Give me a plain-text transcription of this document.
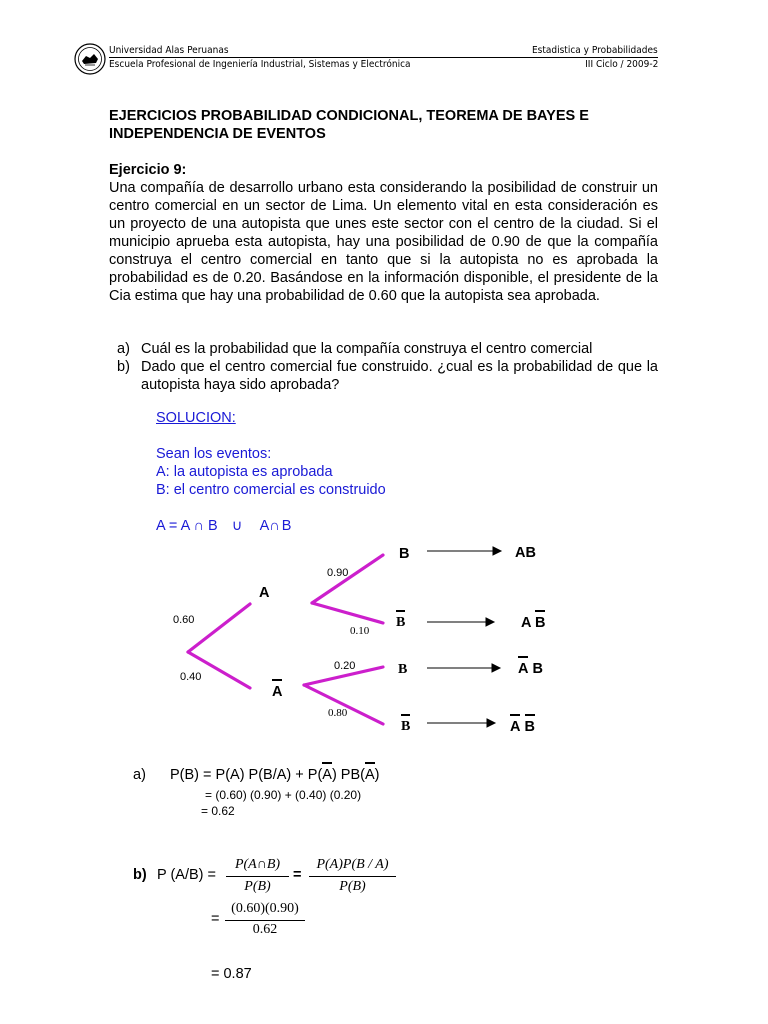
Universidad Alas Peruanas
Escuela Profesional de Ingeniería Industrial, Sistemas y Electrónica
Estadistica y Probabilidades
III Ciclo / 2009-2
EJERCICIOS PROBABILIDAD CONDICIONAL, TEOREMA DE BAYES E
INDEPENDENCIA DE EVENTOS
Ejercicio 9:
Una compañía de desarrollo urbano esta considerando la posibilidad de construir un centro comercial en un sector de Lima. Un elemento vital en esta consideración es un proyecto de una autopista que unes este sector con el centro de la ciudad. Si el municipio aprueba esta autopista, hay una posibilidad de 0.90 de que la compañía construya el centro comercial en tanto que si la autopista no es aprobada la probabilidad es de 0.20. Basándose en la información disponible, el presidente de la Cia estima que hay una probabilidad de 0.60 que la autopista sea aprobada.
a) Cuál es la probabilidad que la compañía construya el centro comercial
b) Dado que el centro comercial fue construido. ¿cual es la probabilidad de que la autopista haya sido aprobada?
SOLUCION:
Sean los eventos:
A: la autopista es aprobada
B: el centro comercial es construido
A = A ∩ B ∪ A∩ B
0.60
0.40
A
A
0.90
0.10
0.20
0.80
B
B
B
B
AB
A B
A B
A B
a) P(B) = P(A) P(B/A) + P(A) PB(A)
= (0.60) (0.90) + (0.40) (0.20)
= 0.62
b) P (A/B) =
P(A∩B)
P(B)
=
P(A)P(B / A)
P(B)
=
(0.60)(0.90)
0.62
= 0.87
